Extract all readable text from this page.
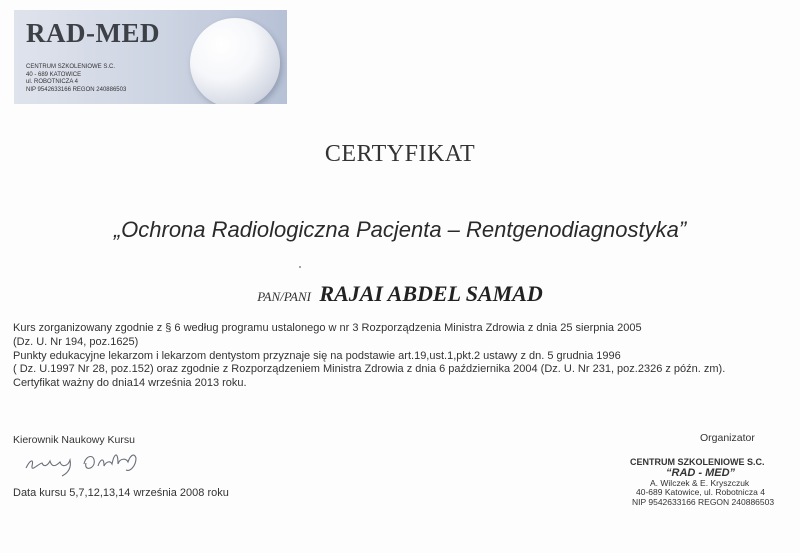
RAD-MED
CENTRUM SZKOLENIOWE S.C.
40 - 689 KATOWICE
ul. ROBOTNICZA 4
NIP 9542633166 REGON 240886503
CERTYFIKAT
„Ochrona Radiologiczna Pacjenta – Rentgenodiagnostyka”
PAN/PANI RAJAI ABDEL SAMAD
Kurs zorganizowany zgodnie z § 6 według programu ustalonego w nr 3 Rozporządzenia Ministra Zdrowia z dnia 25 sierpnia 2005
(Dz. U. Nr 194, poz.1625)
Punkty edukacyjne lekarzom i lekarzom dentystom przyznaje się na podstawie art.19,ust.1,pkt.2 ustawy z dn. 5 grudnia 1996
( Dz. U.1997 Nr 28, poz.152) oraz zgodnie z Rozporządzeniem Ministra Zdrowia z dnia 6 października 2004 (Dz. U. Nr 231, poz.2326 z późn. zm).
Certyfikat ważny do dnia14 września 2013 roku.
Kierownik Naukowy Kursu
Data kursu 5,7,12,13,14 września 2008 roku
Organizator
CENTRUM SZKOLENIOWE S.C.
“RAD - MED”
A. Wilczek & E. Kryszczuk
40-689 Katowice, ul. Robotnicza 4
NIP 9542633166 REGON 240886503
